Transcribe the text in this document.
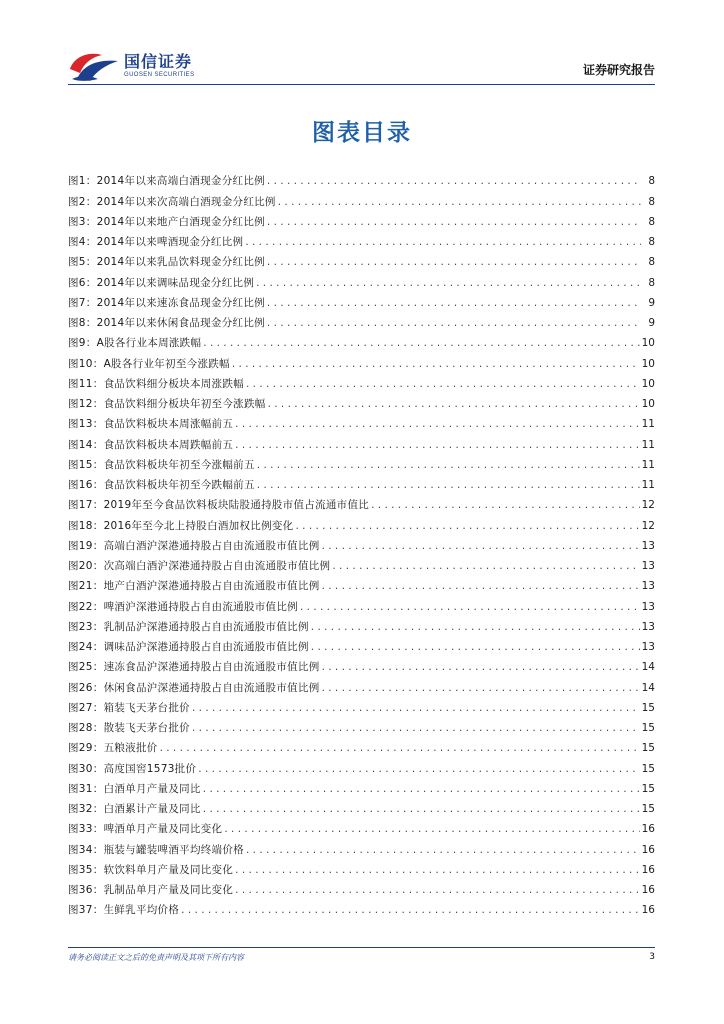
国信证券
GUOSEN SECURITIES	证券研究报告
图表目录
图1： 2014年以来高端白酒现金分红比例 . . .	8
图2： 2014年以来次高端白酒现金分红比例 . . .	8
图3： 2014年以来地产白酒现金分红比例 . . .	8
图4： 2014年以来啤酒现金分红比例 . . .	8
图5： 2014年以来乳品饮料现金分红比例 . . .	8
图6： 2014年以来调味品现金分红比例 . . .	8
图7： 2014年以来速冻食品现金分红比例 . . .	9
图8： 2014年以来休闲食品现金分红比例 . . .	9
图9： A股各行业本周涨跌幅 . . .	10
图10： A股各行业年初至今涨跌幅 . . .	10
图11： 食品饮料细分板块本周涨跌幅 . . .	10
图12： 食品饮料细分板块年初至今涨跌幅 . . .	10
图13： 食品饮料板块本周涨幅前五 . . .	11
图14： 食品饮料板块本周跌幅前五 . . .	11
图15： 食品饮料板块年初至今涨幅前五 . . .	11
图16： 食品饮料板块年初至今跌幅前五 . . .	11
图17： 2019年至今食品饮料板块陆股通持股市值占流通市值比 . . .	12
图18： 2016年至今北上持股白酒加权比例变化 . . .	12
图19： 高端白酒沪深港通持股占自由流通股市值比例 . . .	13
图20： 次高端白酒沪深港通持股占自由流通股市值比例 . . .	13
图21： 地产白酒沪深港通持股占自由流通股市值比例 . . .	13
图22： 啤酒沪深港通持股占自由流通股市值比例 . . .	13
图23： 乳制品沪深港通持股占自由流通股市值比例 . . .	13
图24： 调味品沪深港通持股占自由流通股市值比例 . . .	13
图25： 速冻食品沪深港通持股占自由流通股市值比例 . . .	14
图26： 休闲食品沪深港通持股占自由流通股市值比例 . . .	14
图27： 箱装飞天茅台批价 . . .	15
图28： 散装飞天茅台批价 . . .	15
图29： 五粮液批价 . . .	15
图30： 高度国窖1573批价 . . .	15
图31： 白酒单月产量及同比 . . .	15
图32： 白酒累计产量及同比 . . .	15
图33： 啤酒单月产量及同比变化 . . .	16
图34： 瓶装与罐装啤酒平均终端价格 . . .	16
图35： 软饮料单月产量及同比变化 . . .	16
图36： 乳制品单月产量及同比变化 . . .	16
图37： 生鲜乳平均价格 . . .	16
请务必阅读正文之后的免责声明及其项下所有内容	3
